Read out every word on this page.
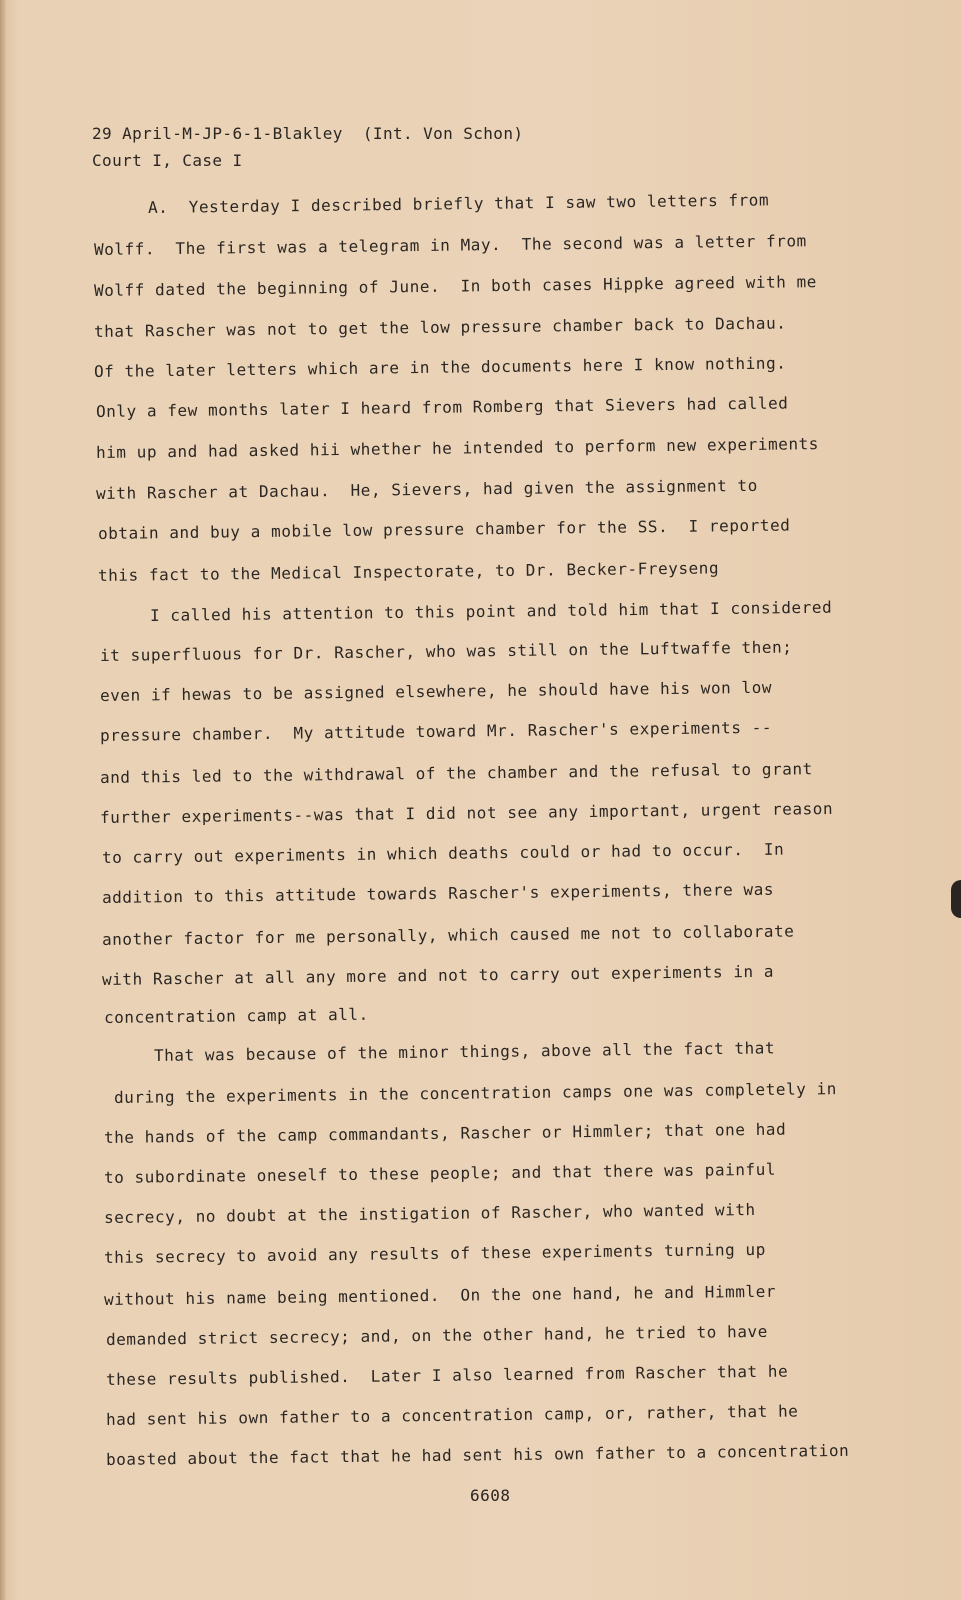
29 April-M-JP-6-1-Blakley  (Int. Von Schon)
Court I, Case I
A.  Yesterday I described briefly that I saw two letters from
Wolff.  The first was a telegram in May.  The second was a letter from
Wolff dated the beginning of June.  In both cases Hippke agreed with me
that Rascher was not to get the low pressure chamber back to Dachau.
Of the later letters which are in the documents here I know nothing.
Only a few months later I heard from Romberg that Sievers had called
him up and had asked hii whether he intended to perform new experiments
with Rascher at Dachau.  He, Sievers, had given the assignment to
obtain and buy a mobile low pressure chamber for the SS.  I reported
this fact to the Medical Inspectorate, to Dr. Becker-Freyseng
I called his attention to this point and told him that I considered
it superfluous for Dr. Rascher, who was still on the Luftwaffe then;
even if hewas to be assigned elsewhere, he should have his won low
pressure chamber.  My attitude toward Mr. Rascher's experiments --
and this led to the withdrawal of the chamber and the refusal to grant
further experiments--was that I did not see any important, urgent reason
to carry out experiments in which deaths could or had to occur.  In
addition to this attitude towards Rascher's experiments, there was
another factor for me personally, which caused me not to collaborate
with Rascher at all any more and not to carry out experiments in a
concentration camp at all.
That was because of the minor things, above all the fact that
during the experiments in the concentration camps one was completely in
the hands of the camp commandants, Rascher or Himmler; that one had
to subordinate oneself to these people; and that there was painful
secrecy, no doubt at the instigation of Rascher, who wanted with
this secrecy to avoid any results of these experiments turning up
without his name being mentioned.  On the one hand, he and Himmler
demanded strict secrecy; and, on the other hand, he tried to have
these results published.  Later I also learned from Rascher that he
had sent his own father to a concentration camp, or, rather, that he
boasted about the fact that he had sent his own father to a concentration
6608
